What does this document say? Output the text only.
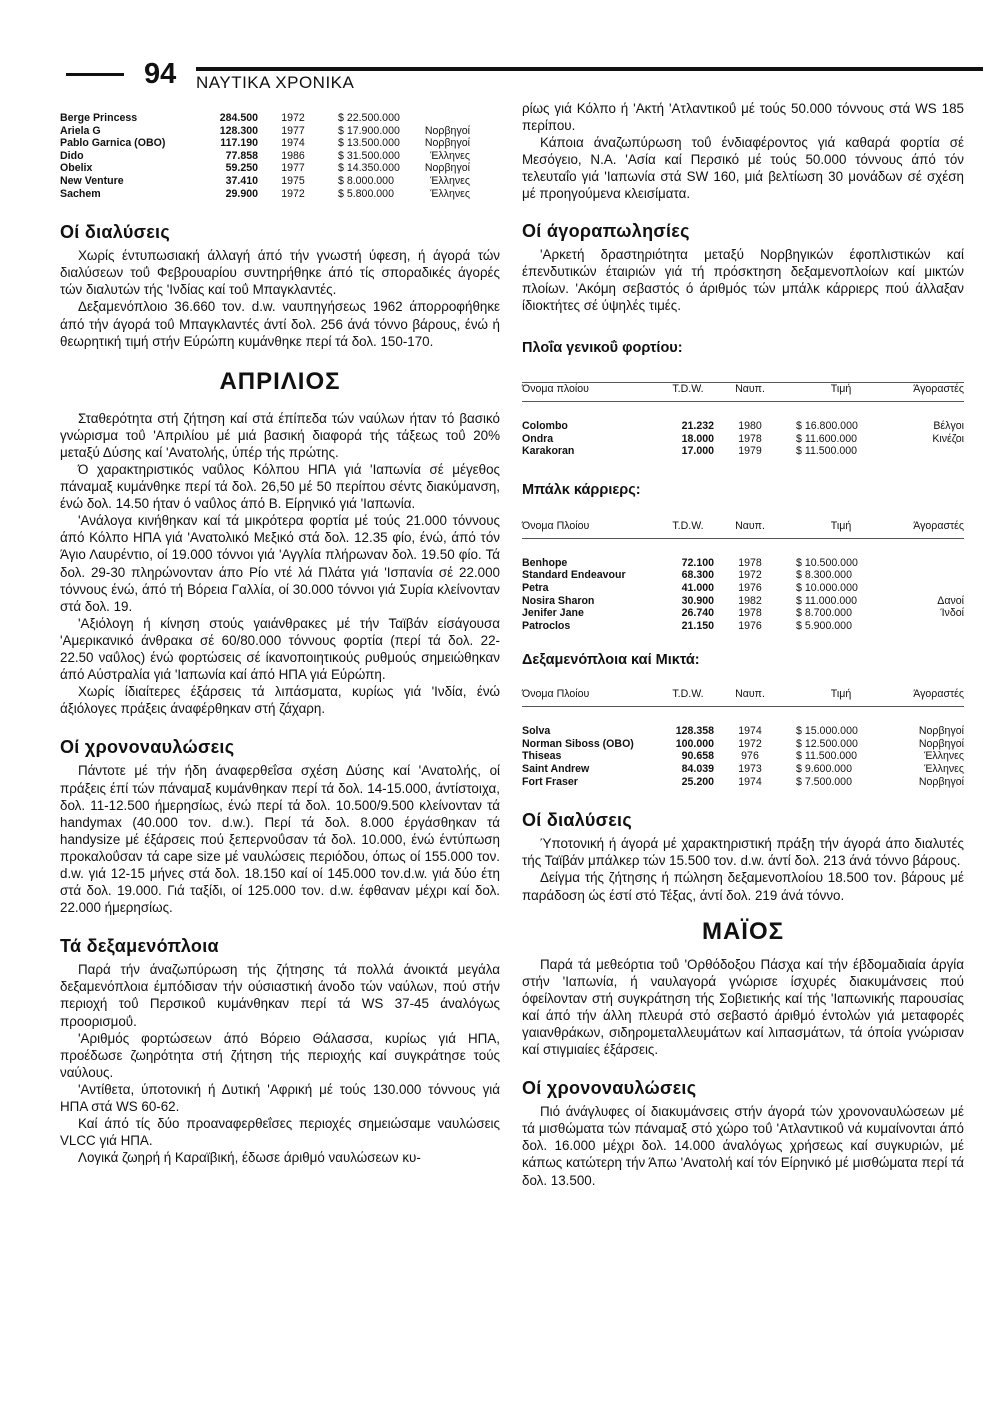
94 ΝΑΥΤΙΚΑ ΧΡΟΝΙΚΑ
Berge Princess	284.500	1972	$ 22.500.000	
Ariela G	128.300	1977	$ 17.900.000	Νορβηγοί
Pablo Garnica (OBO)	117.190	1974	$ 13.500.000	Νορβηγοί
Dido	77.858	1986	$ 31.500.000	Έλληνες
Obelix	59.250	1977	$ 14.350.000	Νορβηγοί
New Venture	37.410	1975	$ 8.000.000	Έλληνες
Sachem	29.900	1972	$ 5.800.000	Έλληνες
Οί διαλύσεις

Χωρίς έντυπωσιακή άλλαγή άπό τήν γνωστή ύφεση, ή άγορά τών διαλύσεων τοΰ Φεβρουαρίου συντηρήθηκε άπό τίς σποραδικές άγορές τών διαλυτών τής 'Ινδίας καί τοΰ Μπαγκλαντές.

Δεξαμενόπλοιο 36.660 τον. d.w. ναυπηγήσεως 1962 άπορροφήθηκε άπό τήν άγορά τοΰ Μπαγκλαντές άντί δολ. 256 άνά τόννο βάρους, ένώ ή θεωρητική τιμή στήν Εύρώπη κυμάνθηκε περί τά δολ. 150-170.

ΑΠΡΙΛΙΟΣ

Σταθερότητα στή ζήτηση καί στά έπίπεδα τών ναύλων ήταν τό βασικό γνώρισμα τοΰ 'Απριλίου μέ μιά βασική διαφορά τής τάξεως τοΰ 20% μεταξύ Δύσης καί 'Ανατολής, ύπέρ τής πρώτης.

Ό χαρακτηριστικός ναΰλος Κόλπου ΗΠΑ γιά 'Ιαπωνία σέ μέγεθος πάναμαξ κυμάνθηκε περί τά δολ. 26,50 μέ 50 περίπου σέντς διακύμανση, ένώ δολ. 14.50 ήταν ό ναΰλος άπό Β. Είρηνικό γιά 'Ιαπωνία.

'Ανάλογα κινήθηκαν καί τά μικρότερα φορτία μέ τούς 21.000 τόννους άπό Κόλπο ΗΠΑ γιά 'Ανατολικό Μεξικό στά δολ. 12.35 φίο, ένώ, άπό τόν Άγιο Λαυρέντιο, οί 19.000 τόννοι γιά 'Αγγλία πλήρωναν δολ. 19.50 φίο. Τά δολ. 29-30 πληρώνονταν άπο Ρίο ντέ λά Πλάτα γιά 'Ισπανία σέ 22.000 τόννους ένώ, άπό τή Βόρεια Γαλλία, οί 30.000 τόννοι γιά Συρία κλείνονταν στά δολ. 19.

'Αξιόλογη ή κίνηση στούς γαιάνθρακες μέ τήν Ταϊβάν είσάγουσα 'Αμερικανικό άνθρακα σέ 60/80.000 τόννους φορτία (περί τά δολ. 22-22.50 ναΰλος) ένώ φορτώσεις σέ ίκανοποιητικούς ρυθμούς σημειώθηκαν άπό Αύστραλία γιά 'Ιαπωνία καί άπό ΗΠΑ γιά Εύρώπη.

Χωρίς ίδιαίτερες έξάρσεις τά λιπάσματα, κυρίως γιά 'Ινδία, ένώ άξιόλογες πράξεις άναφέρθηκαν στή ζάχαρη.

Οί χρονοναυλώσεις

Πάντοτε μέ τήν ήδη άναφερθεΐσα σχέση Δύσης καί 'Ανατολής, οί πράξεις έπί τών πάναμαξ κυμάνθηκαν περί τά δολ. 14-15.000, άντίστοιχα, δολ. 11-12.500 ήμερησίως, ένώ περί τά δολ. 10.500/9.500 κλείνονταν τά handymax (40.000 τον. d.w.). Περί τά δολ. 8.000 έργάσθηκαν τά handysize μέ έξάρσεις πού ξεπερνοΰσαν τά δολ. 10.000, ένώ έντύπωση προκαλοΰσαν τά cape size μέ ναυλώσεις περιόδου, όπως οί 155.000 τον. d.w. γιά 12-15 μήνες στά δολ. 18.150 καί οί 145.000 τον.d.w. γιά δύο έτη στά δολ. 19.000. Γιά ταξίδι, οί 125.000 τον. d.w. έφθαναν μέχρι καί δολ. 22.000 ήμερησίως.

Τά δεξαμενόπλοια

Παρά τήν άναζωπύρωση τής ζήτησης τά πολλά άνοικτά μεγάλα δεξαμενόπλοια έμπόδισαν τήν ούσιαστική άνοδο τών ναύλων, πού στήν περιοχή τοΰ Περσικοΰ κυμάνθηκαν περί τά WS 37-45 άναλόγως προορισμοΰ.

'Αριθμός φορτώσεων άπό Βόρειο Θάλασσα, κυρίως γιά ΗΠΑ, προέδωσε ζωηρότητα στή ζήτηση τής περιοχής καί συγκράτησε τούς ναύλους.

'Αντίθετα, ύποτονική ή Δυτική 'Αφρική μέ τούς 130.000 τόννους γιά ΗΠΑ στά WS 60-62.

Καί άπό τίς δύο προαναφερθεΐσες περιοχές σημειώσαμε ναυλώσεις VLCC γιά ΗΠΑ.

Λογικά ζωηρή ή Καραϊβική, έδωσε άριθμό ναυλώσεων κυ-

ρίως γιά Κόλπο ή 'Ακτή 'Ατλαντικοΰ μέ τούς 50.000 τόννους στά WS 185 περίπου.

Κάποια άναζωπύρωση τοΰ ένδιαφέροντος γιά καθαρά φορτία σέ Μεσόγειο, Ν.Α. 'Ασία καί Περσικό μέ τούς 50.000 τόννους άπό τόν τελευταΐο γιά 'Ιαπωνία στά SW 160, μιά βελτίωση 30 μονάδων σέ σχέση μέ προηγούμενα κλεισίματα.

Οί άγοραπωλησίες

'Αρκετή δραστηριότητα μεταξύ Νορβηγικών έφοπλιστικών καί έπενδυτικών έταιριών γιά τή πρόσκτηση δεξαμενοπλοίων καί μικτών πλοίων. 'Ακόμη σεβαστός ό άριθμός τών μπάλκ κάρριερς πού άλλαξαν ίδιοκτήτες σέ ύψηλές τιμές.

Πλοΐα γενικοΰ φορτίου:
Όνομα πλοίου	T.D.W.	Ναυπ.	Τιμή	Άγοραστές
Colombo	21.232	1980	$ 16.800.000	Βέλγοι
Ondra	18.000	1978	$ 11.600.000	Κινέζοι
Karakoran	17.000	1979	$ 11.500.000	
Μπάλκ κάρριερς:
Όνομα Πλοίου	T.D.W.	Ναυπ.	Τιμή	Άγοραστές
Benhope	72.100	1978	$ 10.500.000	
Standard Endeavour	68.300	1972	$ 8.300.000	
Petra	41.000	1976	$ 10.000.000	
Nosira Sharon	30.900	1982	$ 11.000.000	Δανοί
Jenifer Jane	26.740	1978	$ 8.700.000	Ίνδοί
Patroclos	21.150	1976	$ 5.900.000	
Δεξαμενόπλοια καί Μικτά:
Όνομα Πλοίου	T.D.W.	Ναυπ.	Τιμή	Άγοραστές
Solva	128.358	1974	$ 15.000.000	Νορβηγοί
Norman Siboss (OBO)	100.000	1972	$ 12.500.000	Νορβηγοί
Thiseas	90.658	976	$ 11.500.000	Έλληνες
Saint Andrew	84.039	1973	$ 9.600.000	Έλληνες
Fort Fraser	25.200	1974	$ 7.500.000	Νορβηγοί
Οί διαλύσεις

Ύποτονική ή άγορά μέ χαρακτηριστική πράξη τήν άγορά άπο διαλυτές τής Ταϊβάν μπάλκερ τών 15.500 τον. d.w. άντί δολ. 213 άνά τόννο βάρους.

Δείγμα τής ζήτησης ή πώληση δεξαμενοπλοίου 18.500 τον. βάρους μέ παράδοση ώς έστί στό Τέξας, άντί δολ. 219 άνά τόννο.

ΜΑΪΟΣ

Παρά τά μεθεόρτια τοΰ 'Ορθόδοξου Πάσχα καί τήν έβδομαδιαία άργία στήν 'Ιαπωνία, ή ναυλαγορά γνώρισε ίσχυρές διακυμάνσεις πού όφείλονταν στή συγκράτηση τής Σοβιετικής καί τής 'Ιαπωνικής παρουσίας καί άπό τήν άλλη πλευρά στό σεβαστό άριθμό έντολών γιά μεταφορές γαιανθράκων, σιδηρομεταλλευμάτων καί λιπασμάτων, τά όποία γνώρισαν καί στιγμιαίες έξάρσεις.

Οί χρονοναυλώσεις

Πιό άνάγλυφες οί διακυμάνσεις στήν άγορά τών χρονοναυλώσεων μέ τά μισθώματα τών πάναμαξ στό χώρο τοΰ 'Ατλαντικοΰ νά κυμαίνονται άπό δολ. 16.000 μέχρι δολ. 14.000 άναλόγως χρήσεως καί συγκυριών, μέ κάπως κατώτερη τήν Άπω 'Ανατολή καί τόν Είρηνικό μέ μισθώματα περί τά δολ. 13.500.
